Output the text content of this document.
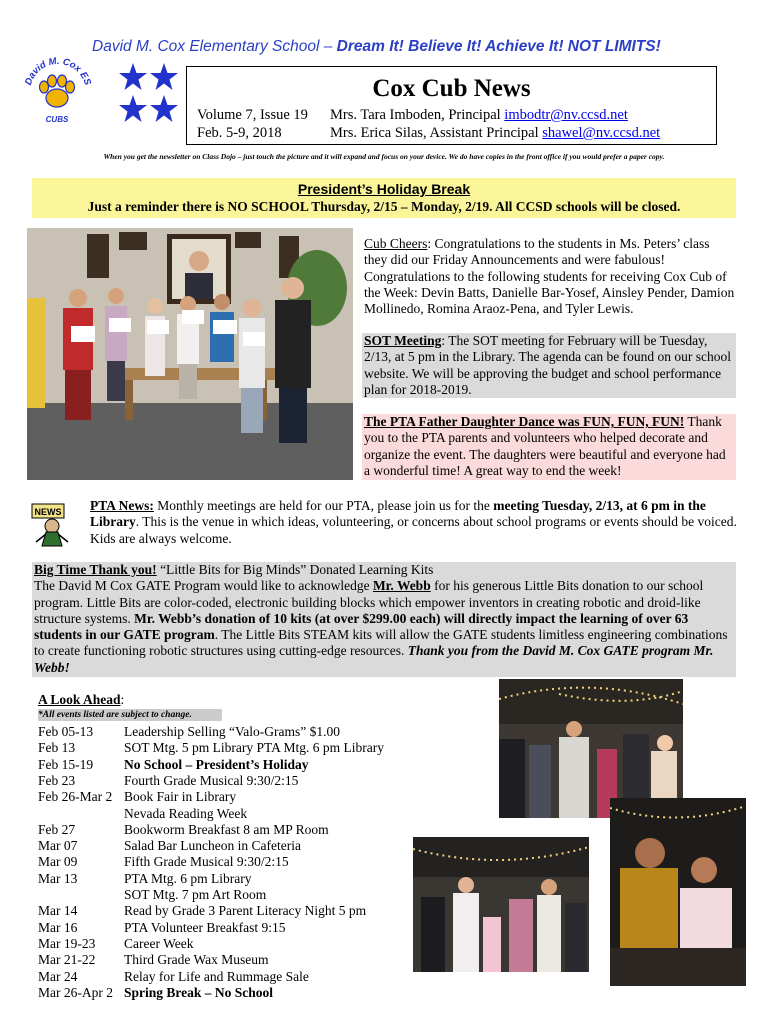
David M. Cox Elementary School – Dream It! Believe It! Achieve It! NOT LIMITS!
David M. Cox ES
CUBS
Cox Cub News
Volume 7, Issue 19
Feb. 5-9, 2018
Mrs. Tara Imboden, Principal imbodtr@nv.ccsd.net
Mrs. Erica Silas, Assistant Principal shawel@nv.ccsd.net
When you get the newsletter on Class Dojo – just touch the picture and it will expand and focus on your device. We do have copies in the front office if you would prefer a paper copy.
President’s Holiday Break
Just a reminder there is NO SCHOOL Thursday, 2/15 – Monday, 2/19. All CCSD schools will be closed.
Cub Cheers: Congratulations to the students in Ms. Peters’ class they did our Friday Announcements and were fabulous! Congratulations to the following students for receiving Cox Cub of the Week: Devin Batts, Danielle Bar-Yosef, Ainsley Pender, Damion Mollinedo, Romina Araoz-Pena, and Tyler Lewis.
SOT Meeting: The SOT meeting for February will be Tuesday, 2/13, at 5 pm in the Library. The agenda can be found on our school website. We will be approving the budget and school performance plan for 2018-2019.
The PTA Father Daughter Dance was FUN, FUN, FUN! Thank you to the PTA parents and volunteers who helped decorate and organize the event. The daughters were beautiful and everyone had a wonderful time! A great way to end the week!
NEWS PTA News: Monthly meetings are held for our PTA, please join us for the meeting Tuesday, 2/13, at 6 pm in the Library. This is the venue in which ideas, volunteering, or concerns about school programs or events should be voiced. Kids are always welcome.
Big Time Thank you! “Little Bits for Big Minds” Donated Learning Kits
The David M Cox GATE Program would like to acknowledge Mr. Webb for his generous Little Bits donation to our school program. Little Bits are color-coded, electronic building blocks which empower inventors in creating robotic and droid-like structure systems. Mr. Webb’s donation of 10 kits (at over $299.00 each) will directly impact the learning of over 63 students in our GATE program. The Little Bits STEAM kits will allow the GATE students limitless engineering combinations to create functioning robotic structures using cutting-edge resources. Thank you from the David M. Cox GATE program Mr. Webb!
A Look Ahead:
*All events listed are subject to change.
Feb 05-13 Leadership Selling “Valo-Grams” $1.00
Feb 13	SOT Mtg. 5 pm Library PTA Mtg. 6 pm Library
Feb 15-19 No School – President’s Holiday
Feb 23	Fourth Grade Musical 9:30/2:15
Feb 26-Mar 2 Book Fair in Library
Nevada Reading Week
Feb 27	Bookworm Breakfast 8 am MP Room
Mar 07	Salad Bar Luncheon in Cafeteria
Mar 09	Fifth Grade Musical 9:30/2:15
Mar 13	PTA Mtg. 6 pm Library
SOT Mtg. 7 pm Art Room
Mar 14	Read by Grade 3 Parent Literacy Night 5 pm
Mar 16	PTA Volunteer Breakfast 9:15
Mar 19-23 Career Week
Mar 21-22 Third Grade Wax Museum
Mar 24	Relay for Life and Rummage Sale
Mar 26-Apr 2 Spring Break – No School
